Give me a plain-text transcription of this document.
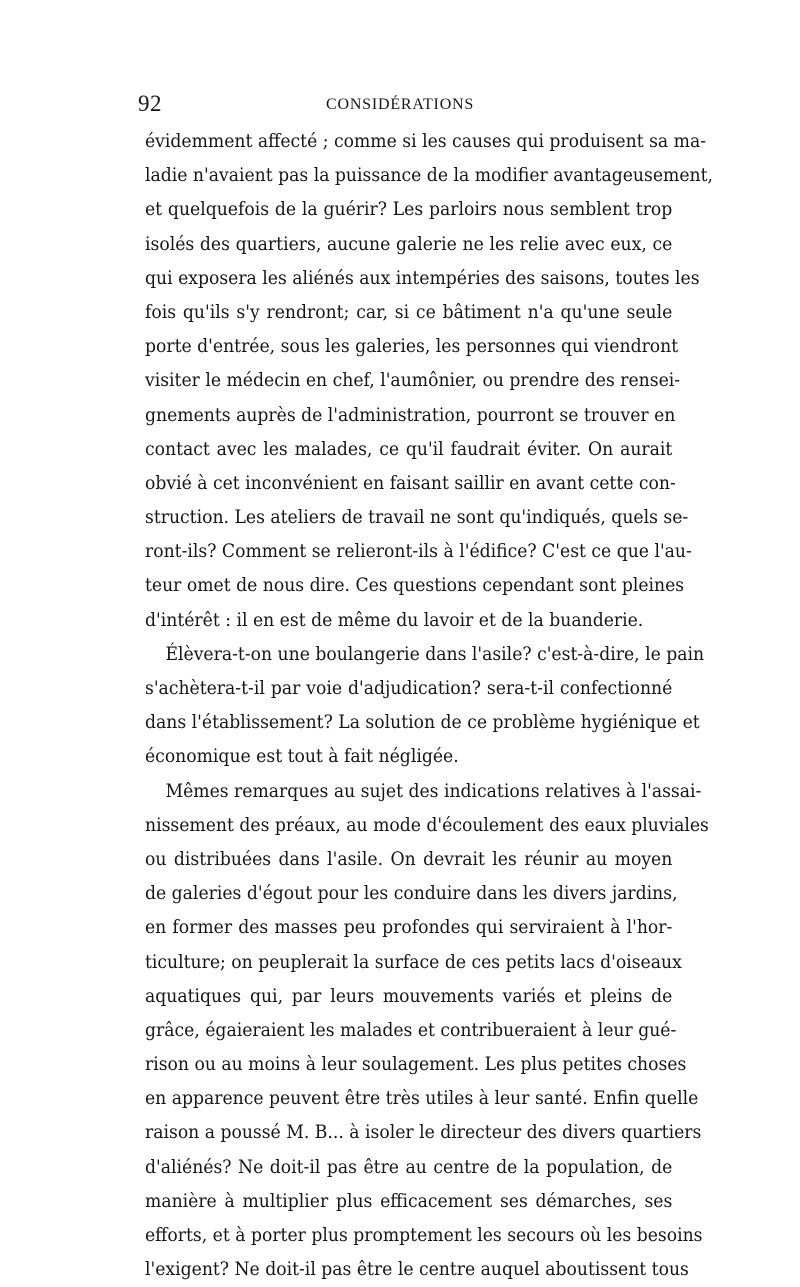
92	CONSIDÉRATIONS
évidemment affecté ; comme si les causes qui produisent sa ma-
ladie n'avaient pas la puissance de la modifier avantageusement,
et quelquefois de la guérir? Les parloirs nous semblent trop
isolés des quartiers, aucune galerie ne les relie avec eux, ce
qui exposera les aliénés aux intempéries des saisons, toutes les
fois qu'ils s'y rendront; car, si ce bâtiment n'a qu'une seule
porte d'entrée, sous les galeries, les personnes qui viendront
visiter le médecin en chef, l'aumônier, ou prendre des rensei-
gnements auprès de l'administration, pourront se trouver en
contact avec les malades, ce qu'il faudrait éviter. On aurait
obvié à cet inconvénient en faisant saillir en avant cette con-
struction. Les ateliers de travail ne sont qu'indiqués, quels se-
ront-ils? Comment se relieront-ils à l'édifice? C'est ce que l'au-
teur omet de nous dire. Ces questions cependant sont pleines
d'intérêt : il en est de même du lavoir et de la buanderie.
Élèvera-t-on une boulangerie dans l'asile? c'est-à-dire, le pain
s'achètera-t-il par voie d'adjudication? sera-t-il confectionné
dans l'établissement? La solution de ce problème hygiénique et
économique est tout à fait négligée.
Mêmes remarques au sujet des indications relatives à l'assai-
nissement des préaux, au mode d'écoulement des eaux pluviales
ou distribuées dans l'asile. On devrait les réunir au moyen
de galeries d'égout pour les conduire dans les divers jardins,
en former des masses peu profondes qui serviraient à l'hor-
ticulture; on peuplerait la surface de ces petits lacs d'oiseaux
aquatiques qui, par leurs mouvements variés et pleins de
grâce, égaieraient les malades et contribueraient à leur gué-
rison ou au moins à leur soulagement. Les plus petites choses
en apparence peuvent être très utiles à leur santé. Enfin quelle
raison a poussé M. B... à isoler le directeur des divers quartiers
d'aliénés? Ne doit-il pas être au centre de la population, de
manière à multiplier plus efficacement ses démarches, ses
efforts, et à porter plus promptement les secours où les besoins
l'exigent? Ne doit-il pas être le centre auquel aboutissent tous
